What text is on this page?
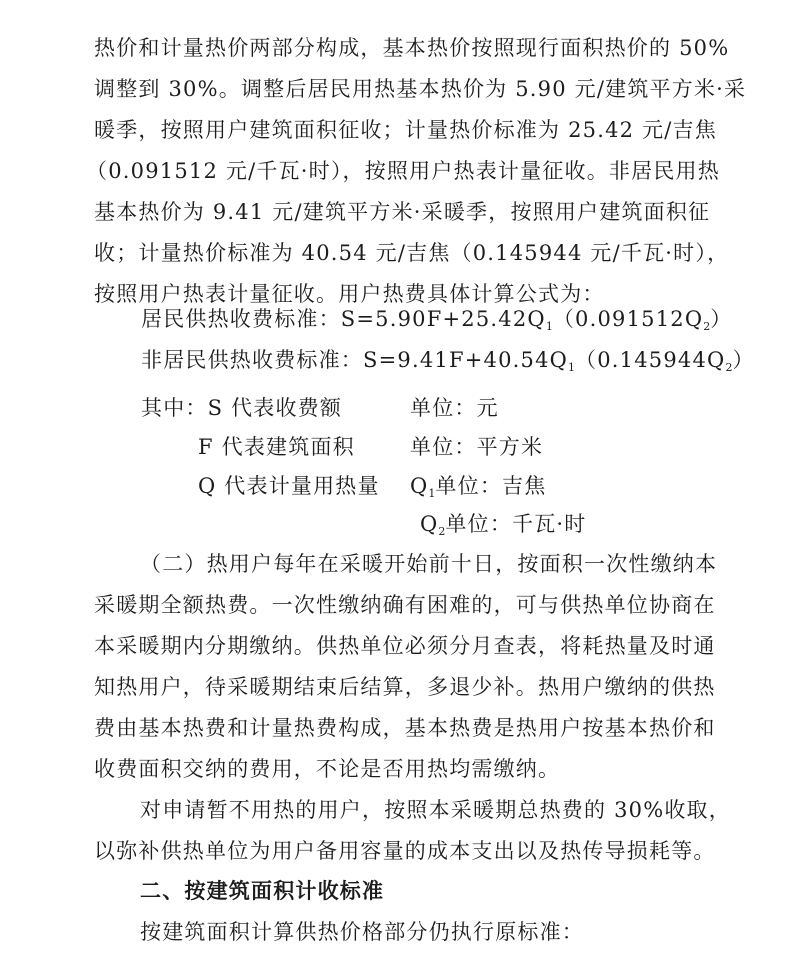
热价和计量热价两部分构成，基本热价按照现行面积热价的 50%
调整到 30%。调整后居民用热基本热价为 5.90 元/建筑平方米·采
暖季，按照用户建筑面积征收；计量热价标准为 25.42 元/吉焦
（0.091512 元/千瓦·时），按照用户热表计量征收。非居民用热
基本热价为 9.41 元/建筑平方米·采暖季，按照用户建筑面积征
收；计量热价标准为 40.54 元/吉焦（0.145944 元/千瓦·时），
按照用户热表计量征收。用户热费具体计算公式为：
居民供热收费标准：$S=5.90F+25.42Q_1(0.091512Q_2)$
非居民供热收费标准：$S=9.41F+40.54Q_1(0.145944Q_2)$
其中：S 代表收费额	单位：元
F 代表建筑面积	单位：平方米
Q 代表计量用热量 $Q_1$单位：吉焦
$Q_2$单位：千瓦·时
（二）热用户每年在采暖开始前十日，按面积一次性缴纳本
采暖期全额热费。一次性缴纳确有困难的，可与供热单位协商在
本采暖期内分期缴纳。供热单位必须分月查表，将耗热量及时通
知热用户，待采暖期结束后结算，多退少补。热用户缴纳的供热
费由基本热费和计量热费构成，基本热费是热用户按基本热价和
收费面积交纳的费用，不论是否用热均需缴纳。
对申请暂不用热的用户，按照本采暖期总热费的 30%收取，
以弥补供热单位为用户备用容量的成本支出以及热传导损耗等。
二、按建筑面积计收标准
按建筑面积计算供热价格部分仍执行原标准：
